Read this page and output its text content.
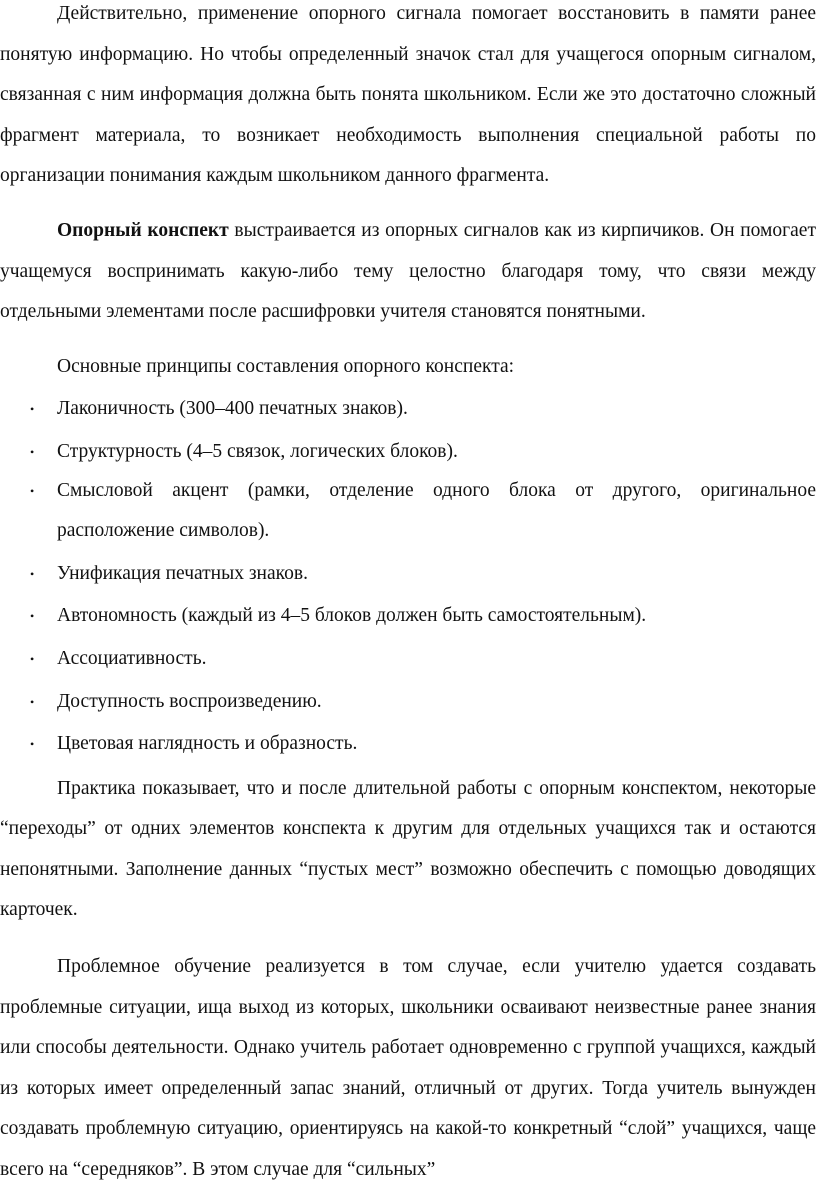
Действительно, применение опорного сигнала помогает восстановить в памяти ранее понятую информацию. Но чтобы определенный значок стал для учащегося опорным сигналом, связанная с ним информация должна быть понята школьником. Если же это достаточно сложный фрагмент материала, то возникает необходимость выполнения специальной работы по организации понимания каждым школьником данного фрагмента.

Опорный конспект выстраивается из опорных сигналов как из кирпичиков. Он помогает учащемуся воспринимать какую-либо тему целостно благодаря тому, что связи между отдельными элементами после расшифровки учителя становятся понятными.

Основные принципы составления опорного конспекта:

• Лаконичность (300–400 печатных знаков).
• Структурность (4–5 связок, логических блоков).
• Смысловой акцент (рамки, отделение одного блока от другого, оригинальное расположение символов).
• Унификация печатных знаков.
• Автономность (каждый из 4–5 блоков должен быть самостоятельным).
• Ассоциативность.
• Доступность воспроизведению.
• Цветовая наглядность и образность.

Практика показывает, что и после длительной работы с опорным конспектом, некоторые “переходы” от одних элементов конспекта к другим для отдельных учащихся так и остаются непонятными. Заполнение данных “пустых мест” возможно обеспечить с помощью доводящих карточек.

Проблемное обучение реализуется в том случае, если учителю удается создавать проблемные ситуации, ища выход из которых, школьники осваивают неизвестные ранее знания или способы деятельности. Однако учитель работает одновременно с группой учащихся, каждый из которых имеет определенный запас знаний, отличный от других. Тогда учитель вынужден создавать проблемную ситуацию, ориентируясь на какой-то конкретный “слой” учащихся, чаще всего на “середняков”. В этом случае для “сильных”
